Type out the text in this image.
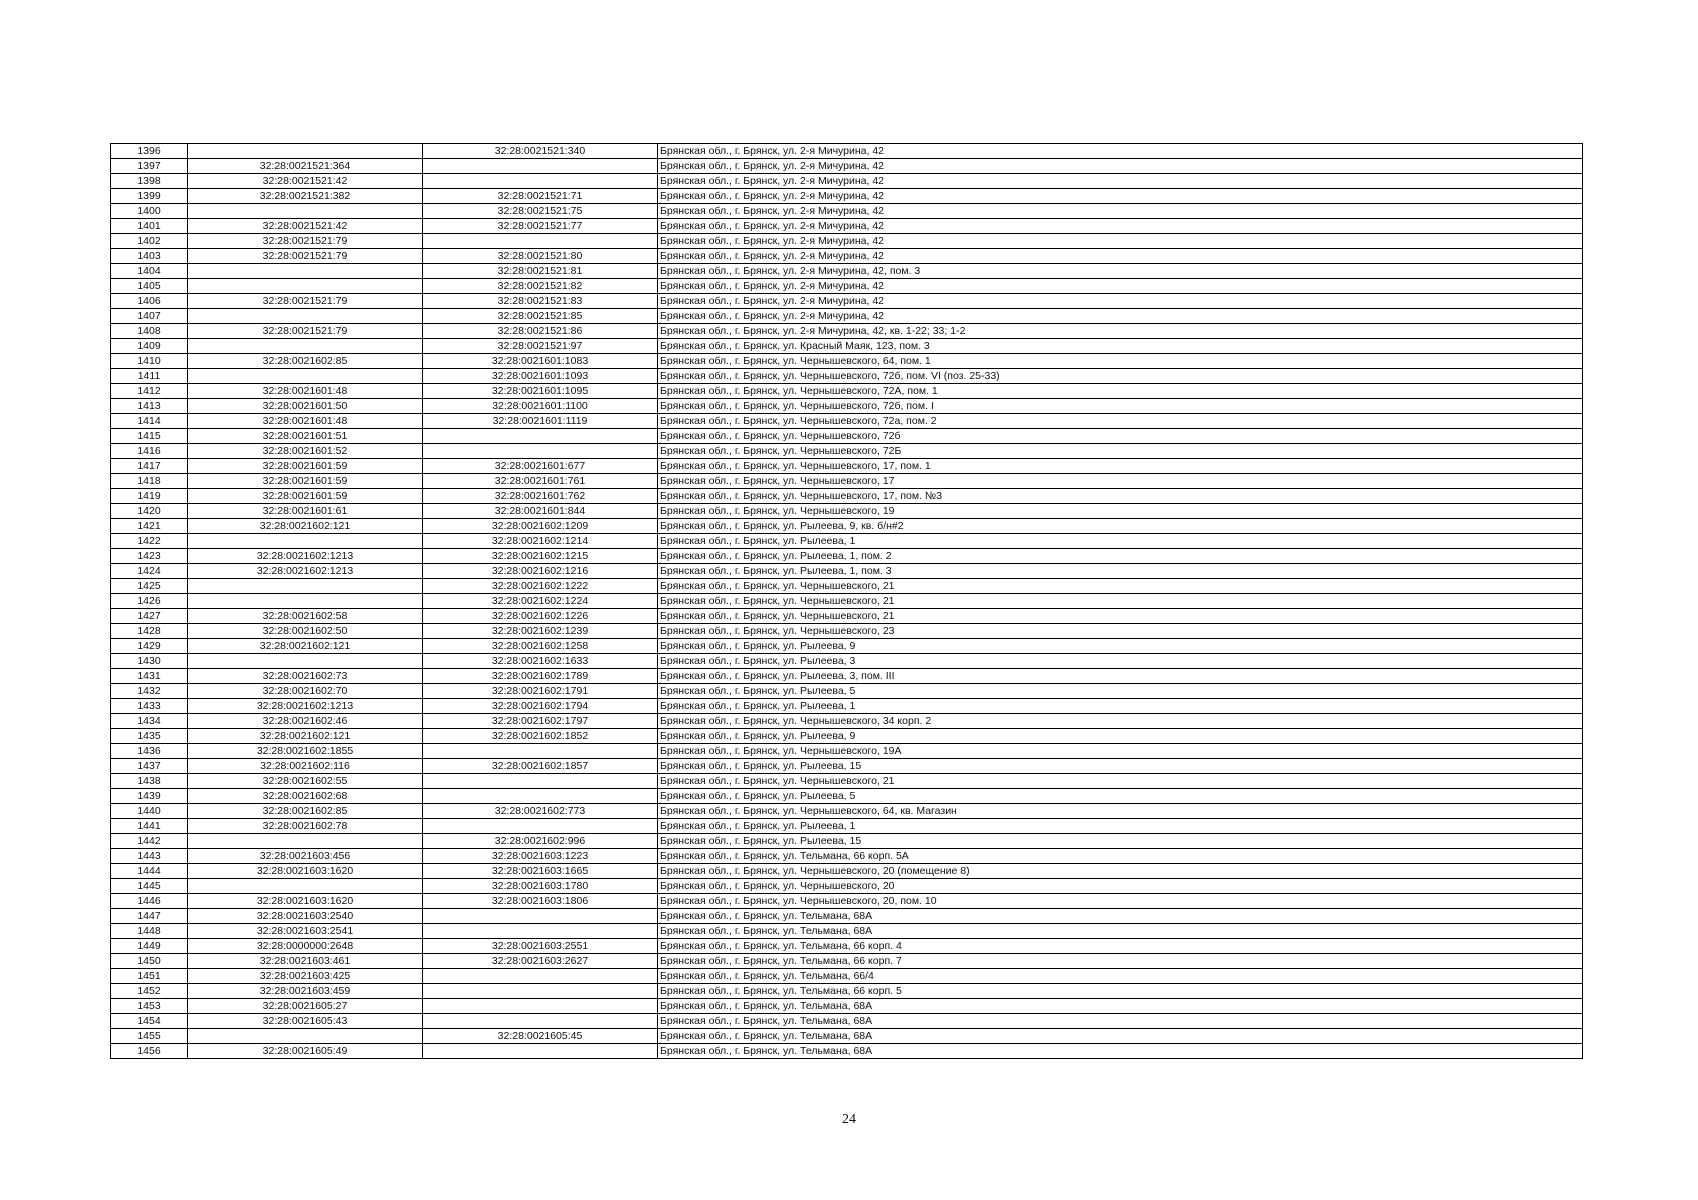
1396		32:28:0021521:340	Брянская обл., г. Брянск, ул. 2-я Мичурина, 42
1397	32:28:0021521:364		Брянская обл., г. Брянск, ул. 2-я Мичурина, 42
1398	32:28:0021521:42		Брянская обл., г. Брянск, ул. 2-я Мичурина, 42
1399	32:28:0021521:382	32:28:0021521:71	Брянская обл., г. Брянск, ул. 2-я Мичурина, 42
1400		32:28:0021521:75	Брянская обл., г. Брянск, ул. 2-я Мичурина, 42
1401	32:28:0021521:42	32:28:0021521:77	Брянская обл., г. Брянск, ул. 2-я Мичурина, 42
1402	32:28:0021521:79		Брянская обл., г. Брянск, ул. 2-я Мичурина, 42
1403	32:28:0021521:79	32:28:0021521:80	Брянская обл., г. Брянск, ул. 2-я Мичурина, 42
1404		32:28:0021521:81	Брянская обл., г. Брянск, ул. 2-я Мичурина, 42, пом. 3
1405		32:28:0021521:82	Брянская обл., г. Брянск, ул. 2-я Мичурина, 42
1406	32:28:0021521:79	32:28:0021521:83	Брянская обл., г. Брянск, ул. 2-я Мичурина, 42
1407		32:28:0021521:85	Брянская обл., г. Брянск, ул. 2-я Мичурина, 42
1408	32:28:0021521:79	32:28:0021521:86	Брянская обл., г. Брянск, ул. 2-я Мичурина, 42, кв. 1-22; 33; 1-2
1409		32:28:0021521:97	Брянская обл., г. Брянск, ул. Красный Маяк, 123, пом. 3
1410	32:28:0021602:85	32:28:0021601:1083	Брянская обл., г. Брянск, ул. Чернышевского, 64, пом. 1
1411		32:28:0021601:1093	Брянская обл., г. Брянск, ул. Чернышевского, 72б, пом. VI (поз. 25-33)
1412	32:28:0021601:48	32:28:0021601:1095	Брянская обл., г. Брянск, ул. Чернышевского, 72А, пом. 1
1413	32:28:0021601:50	32:28:0021601:1100	Брянская обл., г. Брянск, ул. Чернышевского, 72б, пом. I
1414	32:28:0021601:48	32:28:0021601:1119	Брянская обл., г. Брянск, ул. Чернышевского, 72а, пом. 2
1415	32:28:0021601:51		Брянская обл., г. Брянск, ул. Чернышевского, 72б
1416	32:28:0021601:52		Брянская обл., г. Брянск, ул. Чернышевского, 72Б
1417	32:28:0021601:59	32:28:0021601:677	Брянская обл., г. Брянск, ул. Чернышевского, 17, пом. 1
1418	32:28:0021601:59	32:28:0021601:761	Брянская обл., г. Брянск, ул. Чернышевского, 17
1419	32:28:0021601:59	32:28:0021601:762	Брянская обл., г. Брянск, ул. Чернышевского, 17, пом. №3
1420	32:28:0021601:61	32:28:0021601:844	Брянская обл., г. Брянск, ул. Чернышевского, 19
1421	32:28:0021602:121	32:28:0021602:1209	Брянская обл., г. Брянск, ул. Рылеева, 9, кв. б/н#2
1422		32:28:0021602:1214	Брянская обл., г. Брянск, ул. Рылеева, 1
1423	32:28:0021602:1213	32:28:0021602:1215	Брянская обл., г. Брянск, ул. Рылеева, 1, пом. 2
1424	32:28:0021602:1213	32:28:0021602:1216	Брянская обл., г. Брянск, ул. Рылеева, 1, пом. 3
1425		32:28:0021602:1222	Брянская обл., г. Брянск, ул. Чернышевского, 21
1426		32:28:0021602:1224	Брянская обл., г. Брянск, ул. Чернышевского, 21
1427	32:28:0021602:58	32:28:0021602:1226	Брянская обл., г. Брянск, ул. Чернышевского, 21
1428	32:28:0021602:50	32:28:0021602:1239	Брянская обл., г. Брянск, ул. Чернышевского, 23
1429	32:28:0021602:121	32:28:0021602:1258	Брянская обл., г. Брянск, ул. Рылеева, 9
1430		32:28:0021602:1633	Брянская обл., г. Брянск, ул. Рылеева, 3
1431	32:28:0021602:73	32:28:0021602:1789	Брянская обл., г. Брянск, ул. Рылеева, 3, пом. III
1432	32:28:0021602:70	32:28:0021602:1791	Брянская обл., г. Брянск, ул. Рылеева, 5
1433	32:28:0021602:1213	32:28:0021602:1794	Брянская обл., г. Брянск, ул. Рылеева, 1
1434	32:28:0021602:46	32:28:0021602:1797	Брянская обл., г. Брянск, ул. Чернышевского, 34 корп. 2
1435	32:28:0021602:121	32:28:0021602:1852	Брянская обл., г. Брянск, ул. Рылеева, 9
1436	32:28:0021602:1855		Брянская обл., г. Брянск, ул. Чернышевского, 19А
1437	32:28:0021602:116	32:28:0021602:1857	Брянская обл., г. Брянск, ул. Рылеева, 15
1438	32:28:0021602:55		Брянская обл., г. Брянск, ул. Чернышевского, 21
1439	32:28:0021602:68		Брянская обл., г. Брянск, ул. Рылеева, 5
1440	32:28:0021602:85	32:28:0021602:773	Брянская обл., г. Брянск, ул. Чернышевского, 64, кв. Магазин
1441	32:28:0021602:78		Брянская обл., г. Брянск, ул. Рылеева, 1
1442		32:28:0021602:996	Брянская обл., г. Брянск, ул. Рылеева, 15
1443	32:28:0021603:456	32:28:0021603:1223	Брянская обл., г. Брянск, ул. Тельмана, 66 корп. 5А
1444	32:28:0021603:1620	32:28:0021603:1665	Брянская обл., г. Брянск, ул. Чернышевского, 20 (помещение 8)
1445		32:28:0021603:1780	Брянская обл., г. Брянск, ул. Чернышевского, 20
1446	32:28:0021603:1620	32:28:0021603:1806	Брянская обл., г. Брянск, ул. Чернышевского, 20, пом. 10
1447	32:28:0021603:2540		Брянская обл., г. Брянск, ул. Тельмана, 68А
1448	32:28:0021603:2541		Брянская обл., г. Брянск, ул. Тельмана, 68А
1449	32:28:0000000:2648	32:28:0021603:2551	Брянская обл., г. Брянск, ул. Тельмана, 66 корп. 4
1450	32:28:0021603:461	32:28:0021603:2627	Брянская обл., г. Брянск, ул. Тельмана, 66 корп. 7
1451	32:28:0021603:425		Брянская обл., г. Брянск, ул. Тельмана, 66/4
1452	32:28:0021603:459		Брянская обл., г. Брянск, ул. Тельмана, 66 корп. 5
1453	32:28:0021605:27		Брянская обл., г. Брянск, ул. Тельмана, 68А
1454	32:28:0021605:43		Брянская обл., г. Брянск, ул. Тельмана, 68А
1455		32:28:0021605:45	Брянская обл., г. Брянск, ул. Тельмана, 68А
1456	32:28:0021605:49		Брянская обл., г. Брянск, ул. Тельмана, 68А
24
